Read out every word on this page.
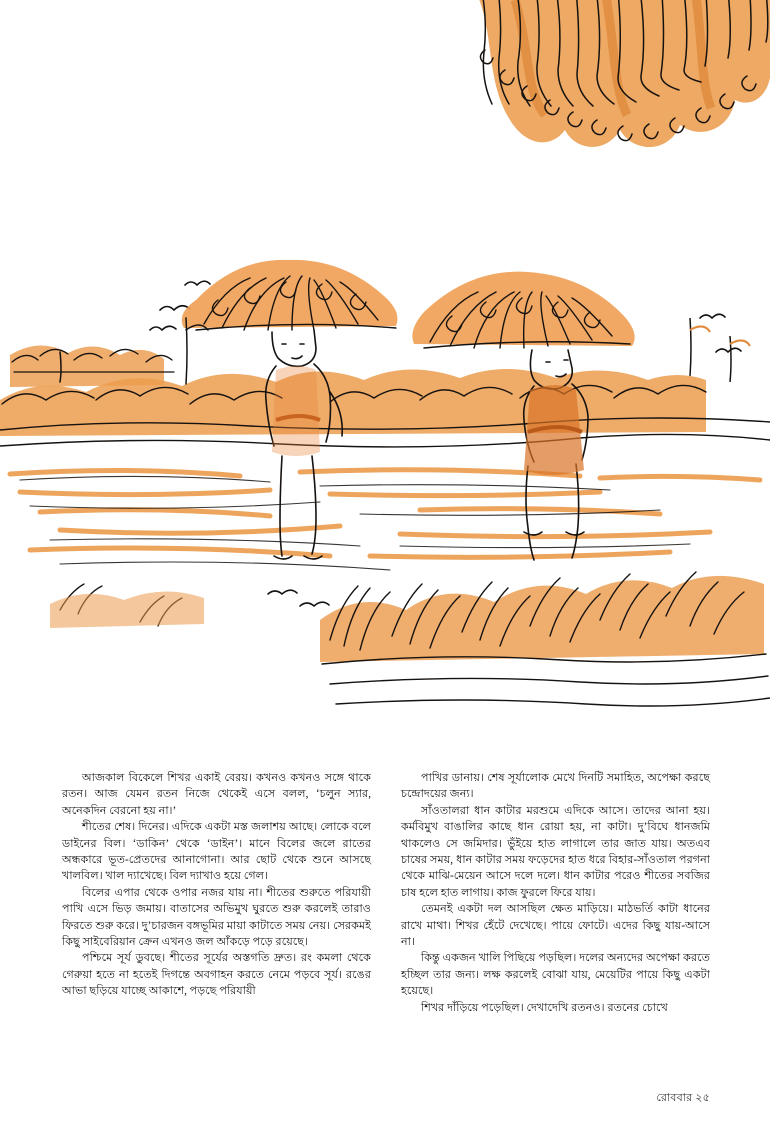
আজকাল বিকেলে শিখর একাই বেরয়। কখনও কখনও সঙ্গে থাকে রতন। আজ যেমন রতন নিজে থেকেই এসে বলল, ‘চলুন স্যার, অনেকদিন বেরনো হয় না।’

শীতের শেষ। দিনের। এদিকে একটা মস্ত জলাশয় আছে। লোকে বলে ডাইনের বিল। ‘ডাকিন’ থেকে ‘ডাইন’। মানে বিলের জলে রাতের অন্ধকারে ভূত-প্রেতদের আনাগোনা। আর ছোট থেকে শুনে আসছে খালবিল। খাল দ্যাখেছে। বিল দ্যাখাও হয়ে গেল।

বিলের এপার থেকে ওপার নজর যায় না। শীতের শুরুতে পরিযায়ী পাখি এসে ভিড় জমায়। বাতাসের অভিমুখ ঘুরতে শুরু করলেই তারাও ফিরতে শুরু করে। দু’চারজন বঙ্গভূমির মায়া কাটাতে সময় নেয়। সেরকমই কিছু সাইবেরিয়ান ক্রেন এখনও জল আঁকড়ে পড়ে রয়েছে।

পশ্চিমে সূর্য ডুবছে। শীতের সূর্যের অস্তগতি দ্রুত। রং কমলা থেকে গেরুয়া হতে না হতেই দিগন্তে অবগাহন করতে নেমে পড়বে সূর্য। রঙের আভা ছড়িয়ে যাচ্ছে আকাশে, পড়ছে পরিযায়ী

পাখির ডানায়। শেষ সূর্যালোক মেখে দিনটি সমাহিত, অপেক্ষা করছে চন্দ্রোদয়ের জন্য।

সাঁওতালরা ধান কাটার মরশুমে এদিকে আসে। তাদের আনা হয়। কর্মবিমুখ বাঙালির কাছে ধান রোয়া হয়, না কাটা। দু’বিঘে ধানজমি থাকলেও সে জমিদার। ভুঁইয়ে হাত লাগালে তার জাত যায়। অতএব চাষের সময়, ধান কাটার সময় ফড়েদের হাত ধরে বিহার-সাঁওতাল পরগনা থেকে মাঝি-মেয়েন আসে দলে দলে। ধান কাটার পরেও শীতের সবজির চাষ হলে হাত লাগায়। কাজ ফুরলে ফিরে যায়।

তেমনই একটা দল আসছিল ক্ষেত মাড়িয়ে। মাঠভর্তি কাটা ধানের রাখে মাথা। শিখর হেঁটে দেখেছে। পায়ে ফোটে। এদের কিছু যায়-আসে না।

কিন্তু একজন খালি পিছিয়ে পড়ছিল। দলের অন্যদের অপেক্ষা করতে হচ্ছিল তার জন্য। লক্ষ করলেই বোঝা যায়, মেয়েটির পায়ে কিছু একটা হয়েছে।

শিখর দাঁড়িয়ে পড়েছিল। দেখাদেখি রতনও। রতনের চোখে

রোববার ২৫
